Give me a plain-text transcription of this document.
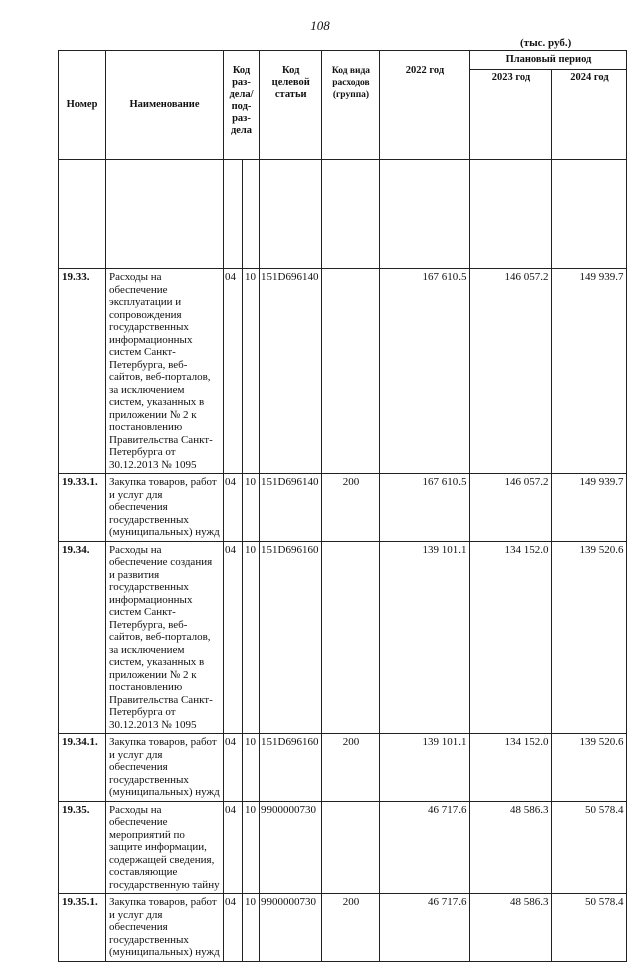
108
(тыс. руб.)
Номер	Наименование	Код раз-дела/ под-раз-дела		Код целевой статьи	Код вида расходов (группа)	2022 год	Плановый период	
							2023 год	2024 год

19.33.	Расходы на обеспечение эксплуатации и сопровождения государственных информационных систем Санкт-Петербурга, веб-сайтов, веб-порталов, за исключением систем, указанных в приложении № 2 к постановлению Правительства Санкт-Петербурга от 30.12.2013 № 1095	04	10	151D696140		167 610.5	146 057.2	149 939.7
19.33.1.	Закупка товаров, работ и услуг для обеспечения государственных (муниципальных) нужд	04	10	151D696140	200	167 610.5	146 057.2	149 939.7
19.34.	Расходы на обеспечение создания и развития государственных информационных систем Санкт-Петербурга, веб-сайтов, веб-порталов, за исключением систем, указанных в приложении № 2 к постановлению Правительства Санкт-Петербурга от 30.12.2013 № 1095	04	10	151D696160		139 101.1	134 152.0	139 520.6
19.34.1.	Закупка товаров, работ и услуг для обеспечения государственных (муниципальных) нужд	04	10	151D696160	200	139 101.1	134 152.0	139 520.6
19.35.	Расходы на обеспечение мероприятий по защите информации, содержащей сведения, составляющие государственную тайну	04	10	9900000730		46 717.6	48 586.3	50 578.4
19.35.1.	Закупка товаров, работ и услуг для обеспечения государственных (муниципальных) нужд	04	10	9900000730	200	46 717.6	48 586.3	50 578.4
